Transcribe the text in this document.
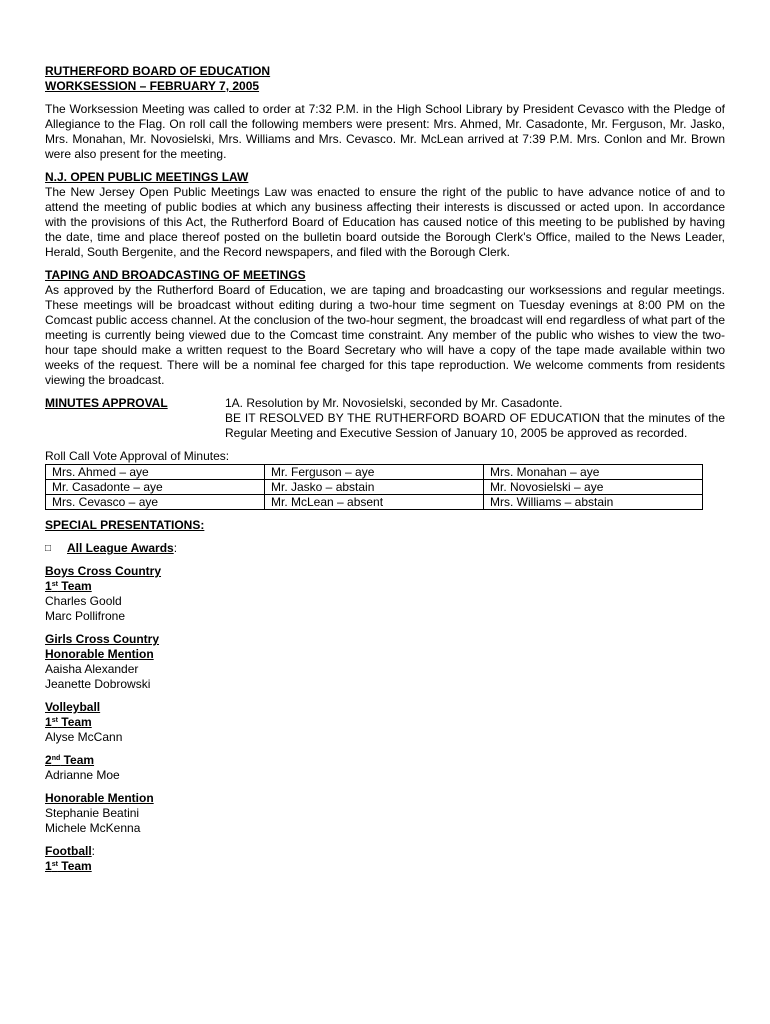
RUTHERFORD BOARD OF EDUCATION

WORKSESSION – FEBRUARY 7, 2005

The Worksession Meeting was called to order at 7:32 P.M. in the High School Library by President Cevasco with the Pledge of Allegiance to the Flag. On roll call the following members were present: Mrs. Ahmed, Mr. Casadonte, Mr. Ferguson, Mr. Jasko, Mrs. Monahan, Mr. Novosielski, Mrs. Williams and Mrs. Cevasco. Mr. McLean arrived at 7:39 P.M. Mrs. Conlon and Mr. Brown were also present for the meeting.

N.J. OPEN PUBLIC MEETINGS LAW

The New Jersey Open Public Meetings Law was enacted to ensure the right of the public to have advance notice of and to attend the meeting of public bodies at which any business affecting their interests is discussed or acted upon. In accordance with the provisions of this Act, the Rutherford Board of Education has caused notice of this meeting to be published by having the date, time and place thereof posted on the bulletin board outside the Borough Clerk's Office, mailed to the News Leader, Herald, South Bergenite, and the Record newspapers, and filed with the Borough Clerk.

TAPING AND BROADCASTING OF MEETINGS

As approved by the Rutherford Board of Education, we are taping and broadcasting our worksessions and regular meetings. These meetings will be broadcast without editing during a two-hour time segment on Tuesday evenings at 8:00 PM on the Comcast public access channel. At the conclusion of the two-hour segment, the broadcast will end regardless of what part of the meeting is currently being viewed due to the Comcast time constraint. Any member of the public who wishes to view the two-hour tape should make a written request to the Board Secretary who will have a copy of the tape made available within two weeks of the request. There will be a nominal fee charged for this tape reproduction. We welcome comments from residents viewing the broadcast.

MINUTES APPROVAL	1A. Resolution by Mr. Novosielski, seconded by Mr. Casadonte.

BE IT RESOLVED BY THE RUTHERFORD BOARD OF EDUCATION that the minutes of the Regular Meeting and Executive Session of January 10, 2005 be approved as recorded.

Roll Call Vote Approval of Minutes:

Mrs. Ahmed – aye	Mr. Ferguson – aye	Mrs. Monahan – aye
Mr. Casadonte – aye	Mr. Jasko – abstain	Mr. Novosielski – aye
Mrs. Cevasco – aye	Mr. McLean – absent	Mrs. Williams – abstain

SPECIAL PRESENTATIONS:

□	All League Awards:

Boys Cross Country

1st Team

Charles Goold

Marc Pollifrone

Girls Cross Country

Honorable Mention

Aaisha Alexander

Jeanette Dobrowski

Volleyball

1st Team

Alyse McCann

2nd Team

Adrianne Moe

Honorable Mention

Stephanie Beatini

Michele McKenna

Football:

1st Team
